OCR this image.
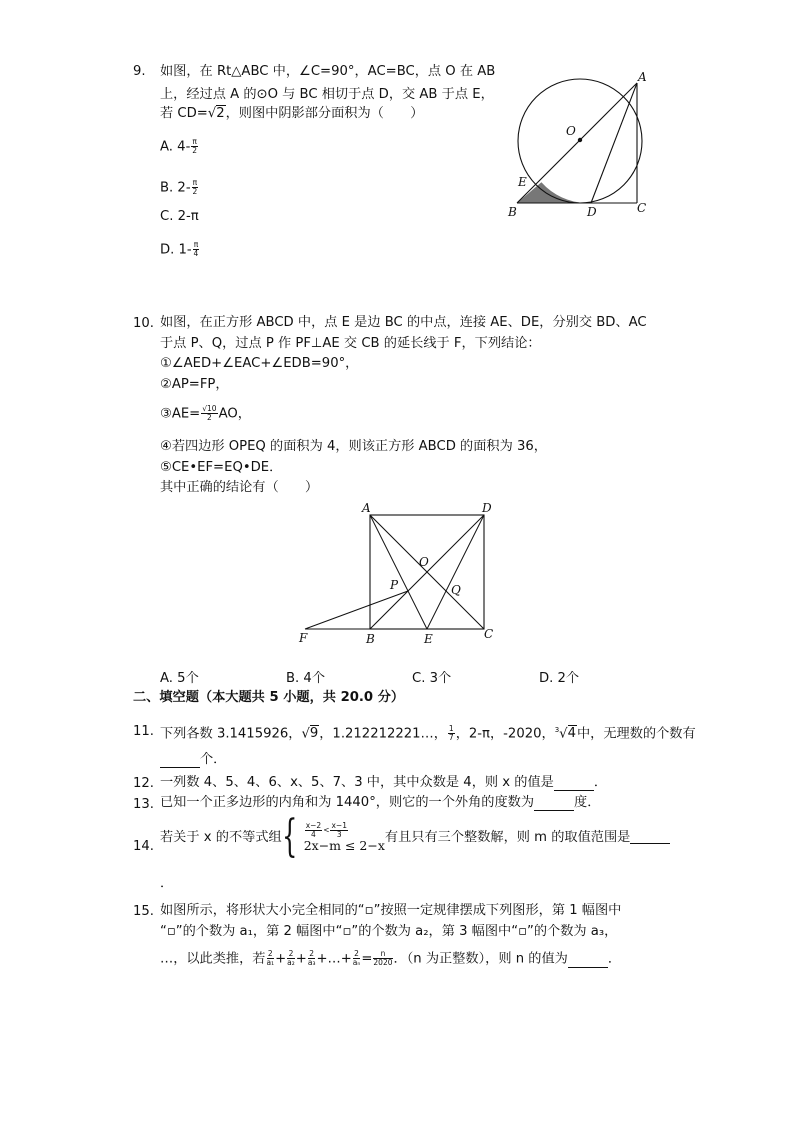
9. 如图，在 Rt△ABC 中，∠C=90°，AC=BC，点 O 在 AB
上，经过点 A 的⊙O 与 BC 相切于点 D，交 AB 于点 E，
若 CD=√2，则图中阴影部分面积为（　　）
A. $4- \frac{\pi}{2}$
B. $2- \frac{\pi}{2}$
C. 2-π
D. $1- \frac{\pi}{4}$
A
O
E
B	D	C
10. 如图，在正方形 ABCD 中，点 E 是边 BC 的中点，连接 AE、DE，分别交 BD、AC
于点 P、Q，过点 P 作 PF⊥AE 交 CB 的延长线于 F，下列结论：
①∠AED+∠EAC+∠EDB=90°，
②AP=FP，
③AE= $\frac{√10}{2}$ AO，
④若四边形 OPEQ 的面积为 4，则该正方形 ABCD 的面积为 36，
⑤CE•EF=EQ•DE．
其中正确的结论有（　　）
A	D
O
P	Q
F	B	E	C
A. 5个	B. 4个	C. 3个	D. 2个
二、填空题（本大题共 5 小题，共 20.0 分）
11. 下列各数 3.1415926，√9，1.212212221…， $\frac{1}{7}$ ，2-π，-2020，$^3$√4中，无理数的个数有
个．
12. 一列数 4、5、4、6、x、5、7、3 中，其中众数是 4，则 x 的值是	．
13. 已知一个正多边形的内角和为 1440°，则它的一个外角的度数为	度．
14.
若关于 x 的不等式组{ $\frac{x-2}{4} < \frac{x-1}{3}$
2x−m ≤ 2−x 有且只有三个整数解，则 m 的取值范围是
．
15. 如图所示，将形状大小完全相同的“▫”按照一定规律摆成下列图形，第 1 幅图中
“▫”的个数为 a₁，第 2 幅图中“▫”的个数为 a₂，第 3 幅图中“▫”的个数为 a₃，
…，以此类推，若 $\frac{2}{\text{a₁}} + \frac{2}{\text{a₂}} + \frac{2}{\text{a₃}}$ +…+ $\frac{2}{\text{aₙ}} = \frac{n}{2020}$ ．（n 为正整数），则 n 的值为	．
